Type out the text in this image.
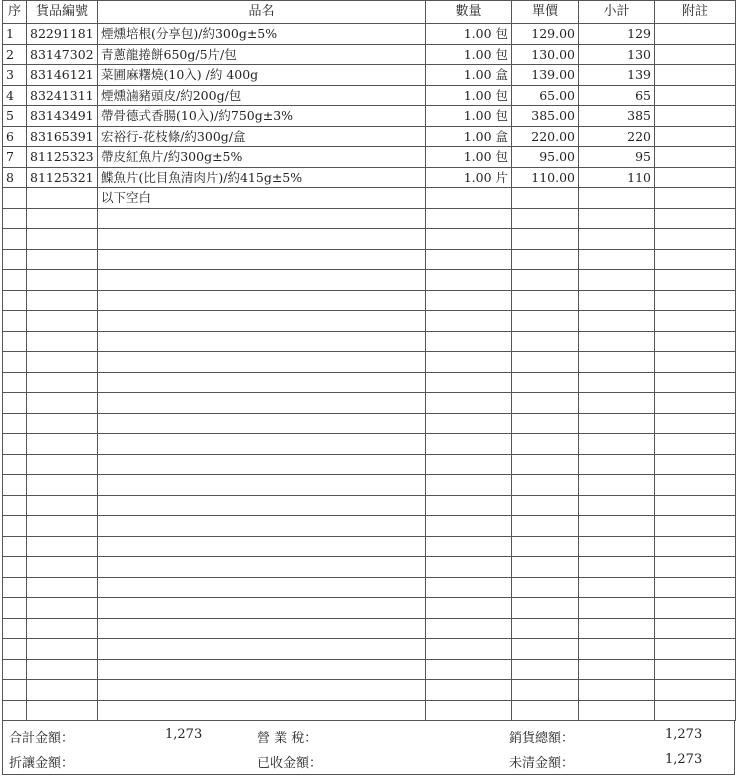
序	貨品編號	品名	數量	單價	小計	附註
1	82291181	煙燻培根(分享包)/約300g±5%	1.00 包	129.00	129	
2	83147302	青蔥龍捲餅650g/5片/包	1.00 包	130.00	130	
3	83146121	菜圃麻糬燒(10入) /約 400g	1.00 盒	139.00	139	
4	83241311	煙燻滷豬頭皮/約200g/包	1.00 包	65.00	65	
5	83143491	帶骨德式香腸(10入)/約750g±3%	1.00 包	385.00	385	
6	83165391	宏裕行-花枝條/約300g/盒	1.00 盒	220.00	220	
7	81125323	帶皮紅魚片/約300g±5%	1.00 包	95.00	95	
8	81125321	鰈魚片(比目魚清肉片)/約415g±5%	1.00 片	110.00	110	
		以下空白				

合計金額：	1,273	營 業 稅：	銷貨總額：	1,273
折讓金額：	已收金額：	未清金額：	1,273
